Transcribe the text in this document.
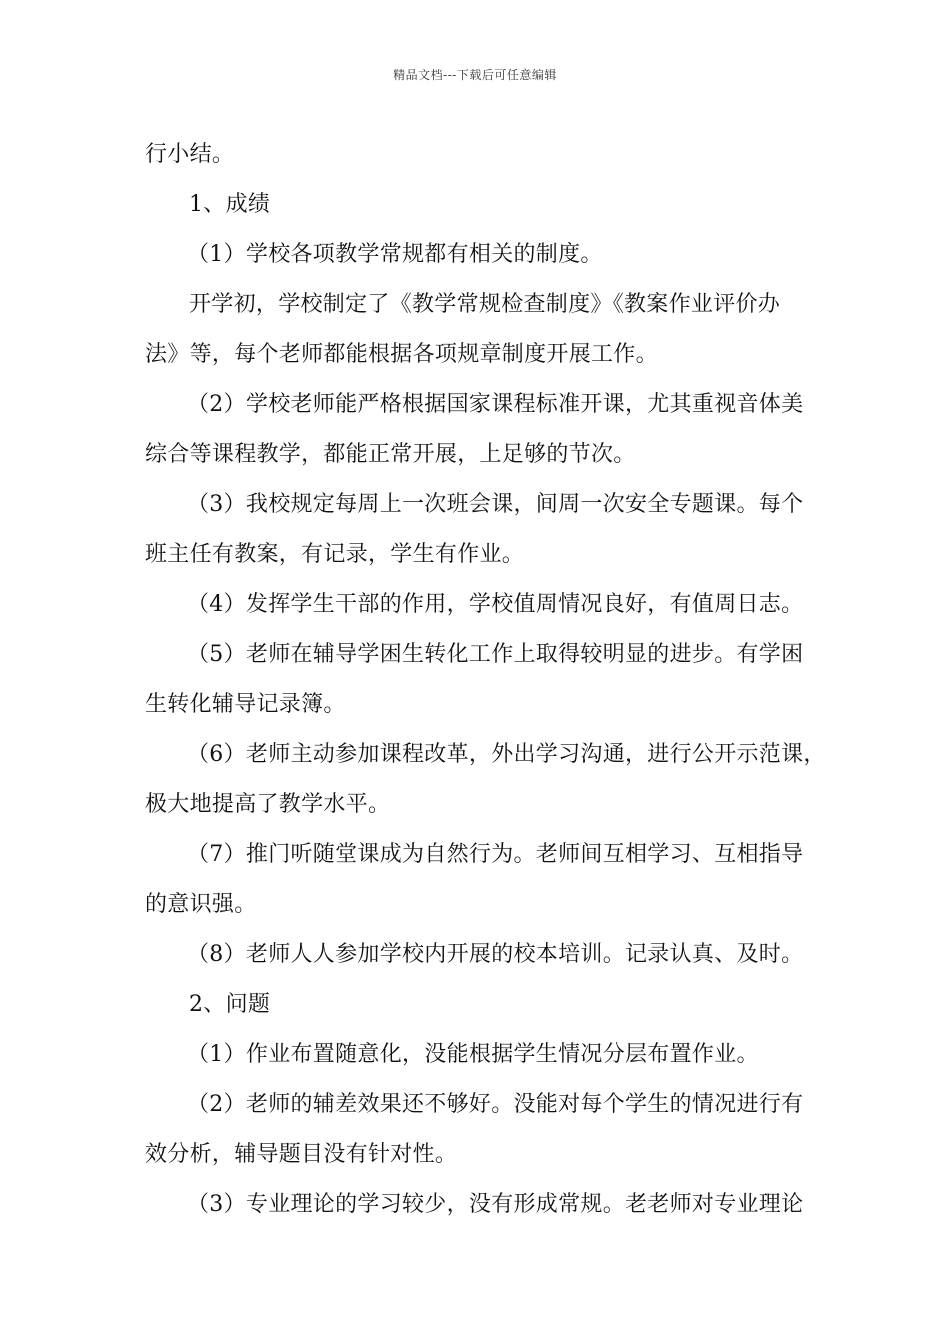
精品文档---下载后可任意编辑
行小结。
1、成绩
（1）学校各项教学常规都有相关的制度。
开学初，学校制定了《教学常规检查制度》《教案作业评价办
法》等，每个老师都能根据各项规章制度开展工作。
（2）学校老师能严格根据国家课程标准开课，尤其重视音体美
综合等课程教学，都能正常开展，上足够的节次。
（3）我校规定每周上一次班会课，间周一次安全专题课。每个
班主任有教案，有记录，学生有作业。
（4）发挥学生干部的作用，学校值周情况良好，有值周日志。
（5）老师在辅导学困生转化工作上取得较明显的进步。有学困
生转化辅导记录簿。
（6）老师主动参加课程改革，外出学习沟通，进行公开示范课，
极大地提高了教学水平。
（7）推门听随堂课成为自然行为。老师间互相学习、互相指导
的意识强。
（8）老师人人参加学校内开展的校本培训。记录认真、及时。
2、问题
（1）作业布置随意化，没能根据学生情况分层布置作业。
（2）老师的辅差效果还不够好。没能对每个学生的情况进行有
效分析，辅导题目没有针对性。
（3）专业理论的学习较少，没有形成常规。老老师对专业理论
